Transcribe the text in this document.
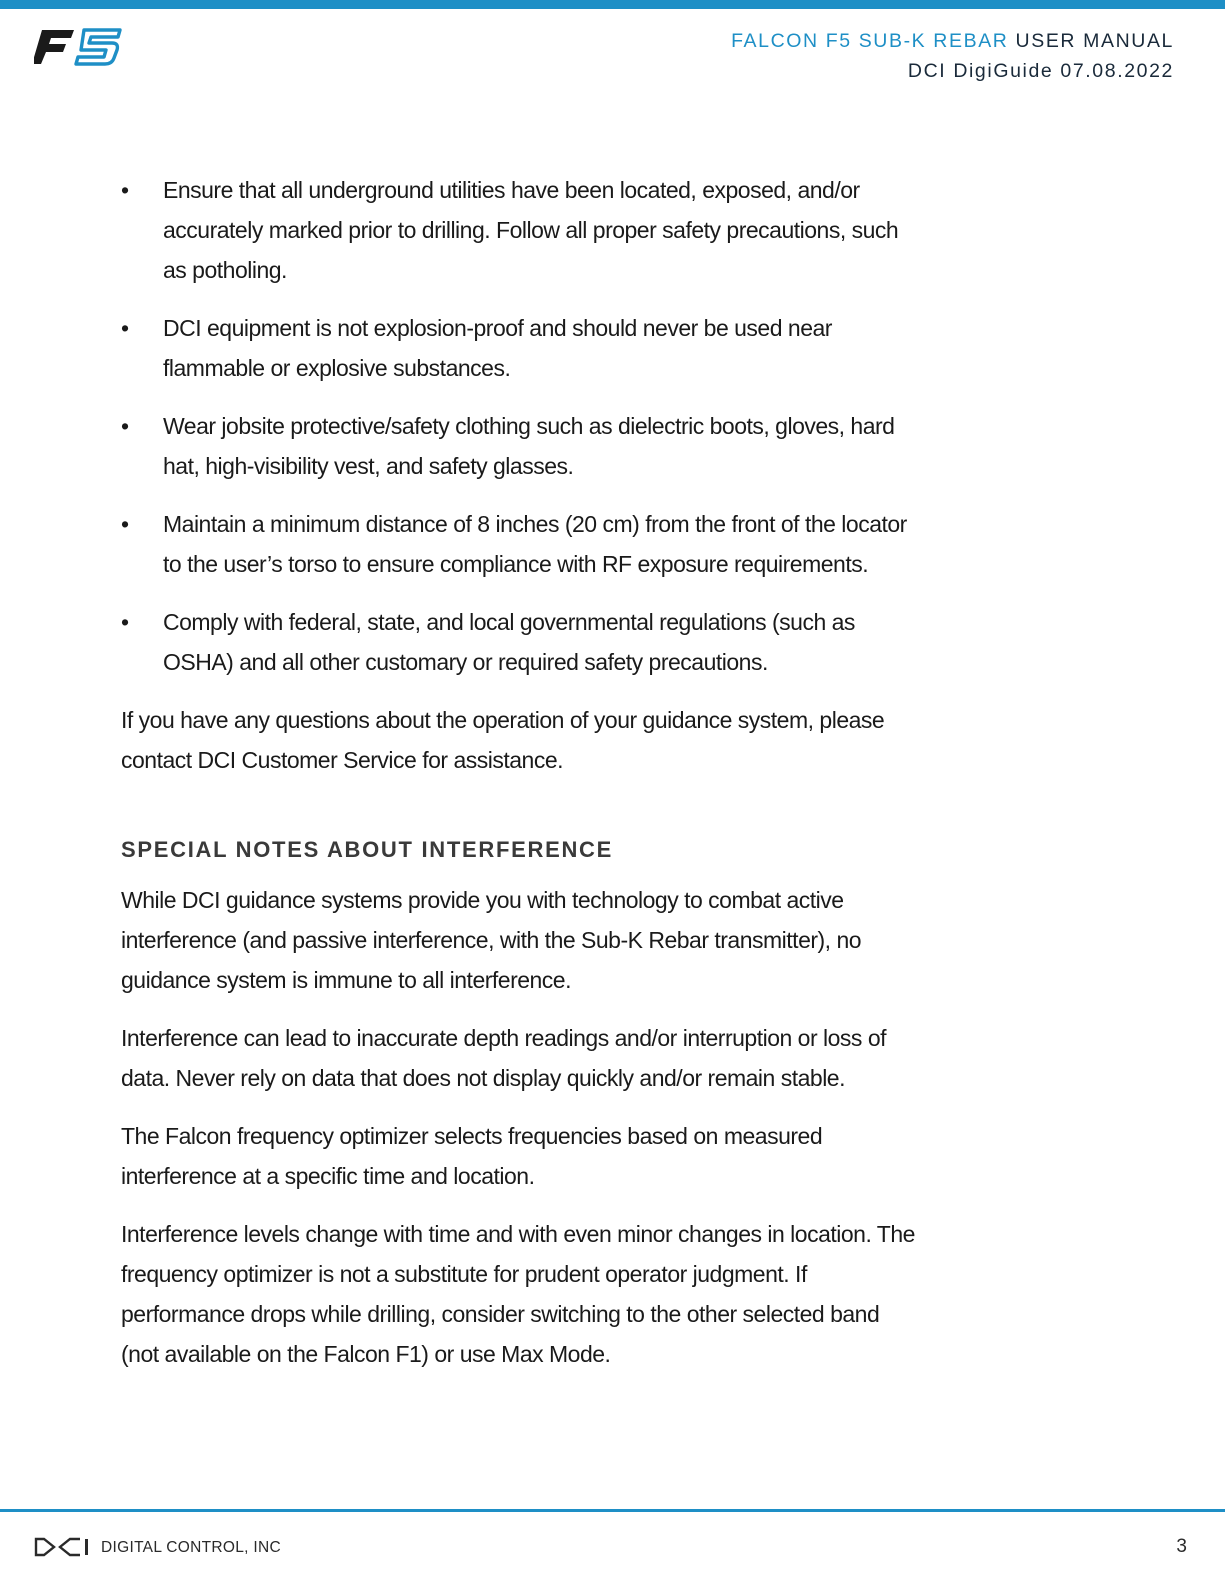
FALCON F5 SUB-K REBAR USER MANUAL
DCI DigiGuide 07.08.2022
• Ensure that all underground utilities have been located, exposed, and/or accurately marked prior to drilling. Follow all proper safety precautions, such as potholing.
• DCI equipment is not explosion-proof and should never be used near flammable or explosive substances.
• Wear jobsite protective/safety clothing such as dielectric boots, gloves, hard hat, high-visibility vest, and safety glasses.
• Maintain a minimum distance of 8 inches (20 cm) from the front of the locator to the user’s torso to ensure compliance with RF exposure requirements.
• Comply with federal, state, and local governmental regulations (such as OSHA) and all other customary or required safety precautions.

If you have any questions about the operation of your guidance system, please contact DCI Customer Service for assistance.

SPECIAL NOTES ABOUT INTERFERENCE

While DCI guidance systems provide you with technology to combat active interference (and passive interference, with the Sub-K Rebar transmitter), no guidance system is immune to all interference.

Interference can lead to inaccurate depth readings and/or interruption or loss of data. Never rely on data that does not display quickly and/or remain stable.

The Falcon frequency optimizer selects frequencies based on measured interference at a specific time and location.

Interference levels change with time and with even minor changes in location. The frequency optimizer is not a substitute for prudent operator judgment. If performance drops while drilling, consider switching to the other selected band (not available on the Falcon F1) or use Max Mode.

DIGITAL CONTROL, INC	3
